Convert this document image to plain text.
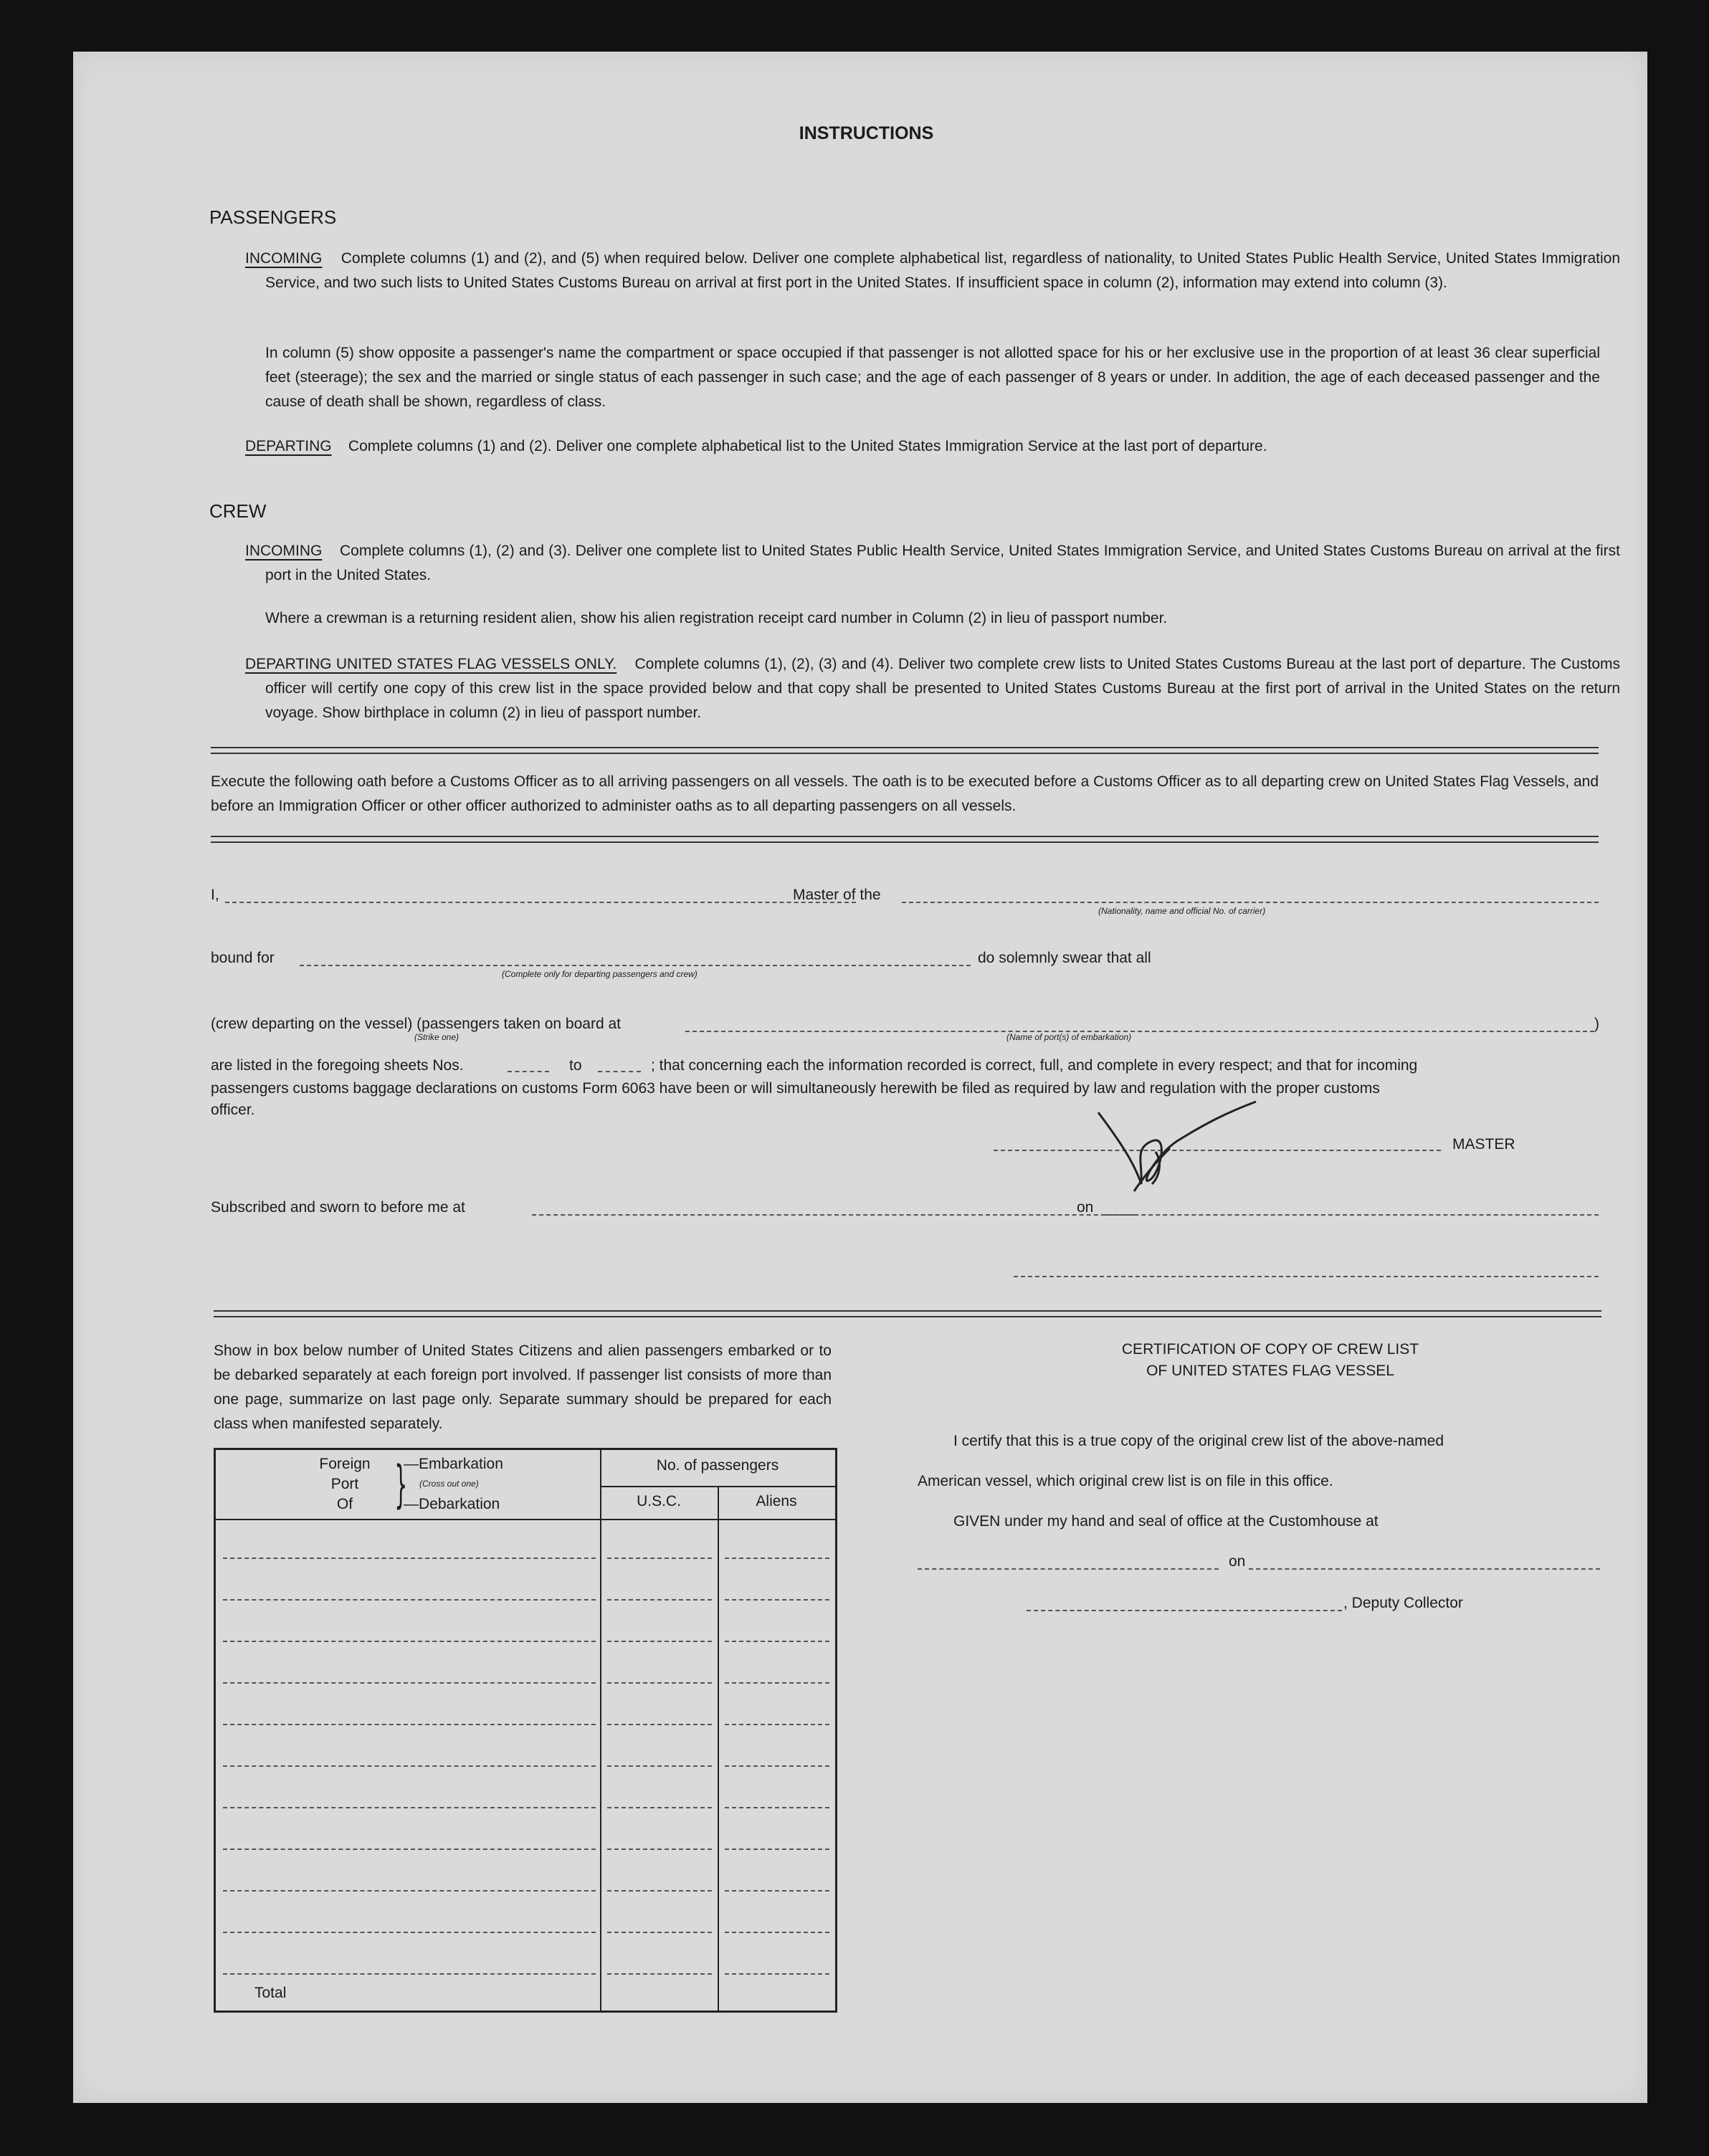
INSTRUCTIONS
PASSENGERS
INCOMING Complete columns (1) and (2), and (5) when required below. Deliver one complete alphabetical list, regardless of nationality, to United States Public Health Service, United States Immigration Service, and two such lists to United States Customs Bureau on arrival at first port in the United States. If insufficient space in column (2), information may extend into column (3).
In column (5) show opposite a passenger's name the compartment or space occupied if that passenger is not allotted space for his or her exclusive use in the proportion of at least 36 clear superficial feet (steerage); the sex and the married or single status of each passenger in such case; and the age of each passenger of 8 years or under. In addition, the age of each deceased passenger and the cause of death shall be shown, regardless of class.
DEPARTING Complete columns (1) and (2). Deliver one complete alphabetical list to the United States Immigration Service at the last port of departure.
CREW
INCOMING Complete columns (1), (2) and (3). Deliver one complete list to United States Public Health Service, United States Immigration Service, and United States Customs Bureau on arrival at the first port in the United States.
Where a crewman is a returning resident alien, show his alien registration receipt card number in Column (2) in lieu of passport number.
DEPARTING UNITED STATES FLAG VESSELS ONLY. Complete columns (1), (2), (3) and (4). Deliver two complete crew lists to United States Customs Bureau at the last port of departure. The Customs officer will certify one copy of this crew list in the space provided below and that copy shall be presented to United States Customs Bureau at the first port of arrival in the United States on the return voyage. Show birthplace in column (2) in lieu of passport number.
Execute the following oath before a Customs Officer as to all arriving passengers on all vessels. The oath is to be executed before a Customs Officer as to all departing crew on United States Flag Vessels, and before an Immigration Officer or other officer authorized to administer oaths as to all departing passengers on all vessels.
I,	Master of the
(Nationality, name and official No. of carrier)
bound for
(Complete only for departing passengers and crew)
do solemnly swear that all
(crew departing on the vessel) (passengers taken on board at	)
(Strike one)	(Name of port(s) of embarkation)
are listed in the foregoing sheets Nos.	to	; that concerning each the information recorded is correct, full, and complete in every respect; and that for incoming
passengers customs baggage declarations on customs Form 6063 have been or will simultaneously herewith be filed as required by law and regulation with the proper customs
officer.
MASTER
Subscribed and sworn to before me at	on
Show in box below number of United States Citizens and alien passengers embarked or to be debarked separately at each foreign port involved. If passenger list consists of more than one page, summarize on last page only. Separate summary should be prepared for each class when manifested separately.
Foreign
Port
Of }
—Embarkation
(Cross out one)
—Debarkation
No. of passengers
U.S.C.	Aliens
Total
CERTIFICATION OF COPY OF CREW LIST
OF UNITED STATES FLAG VESSEL
I certify that this is a true copy of the original crew list of the above-named
American vessel, which original crew list is on file in this office.
GIVEN under my hand and seal of office at the Customhouse at
on
, Deputy Collector
